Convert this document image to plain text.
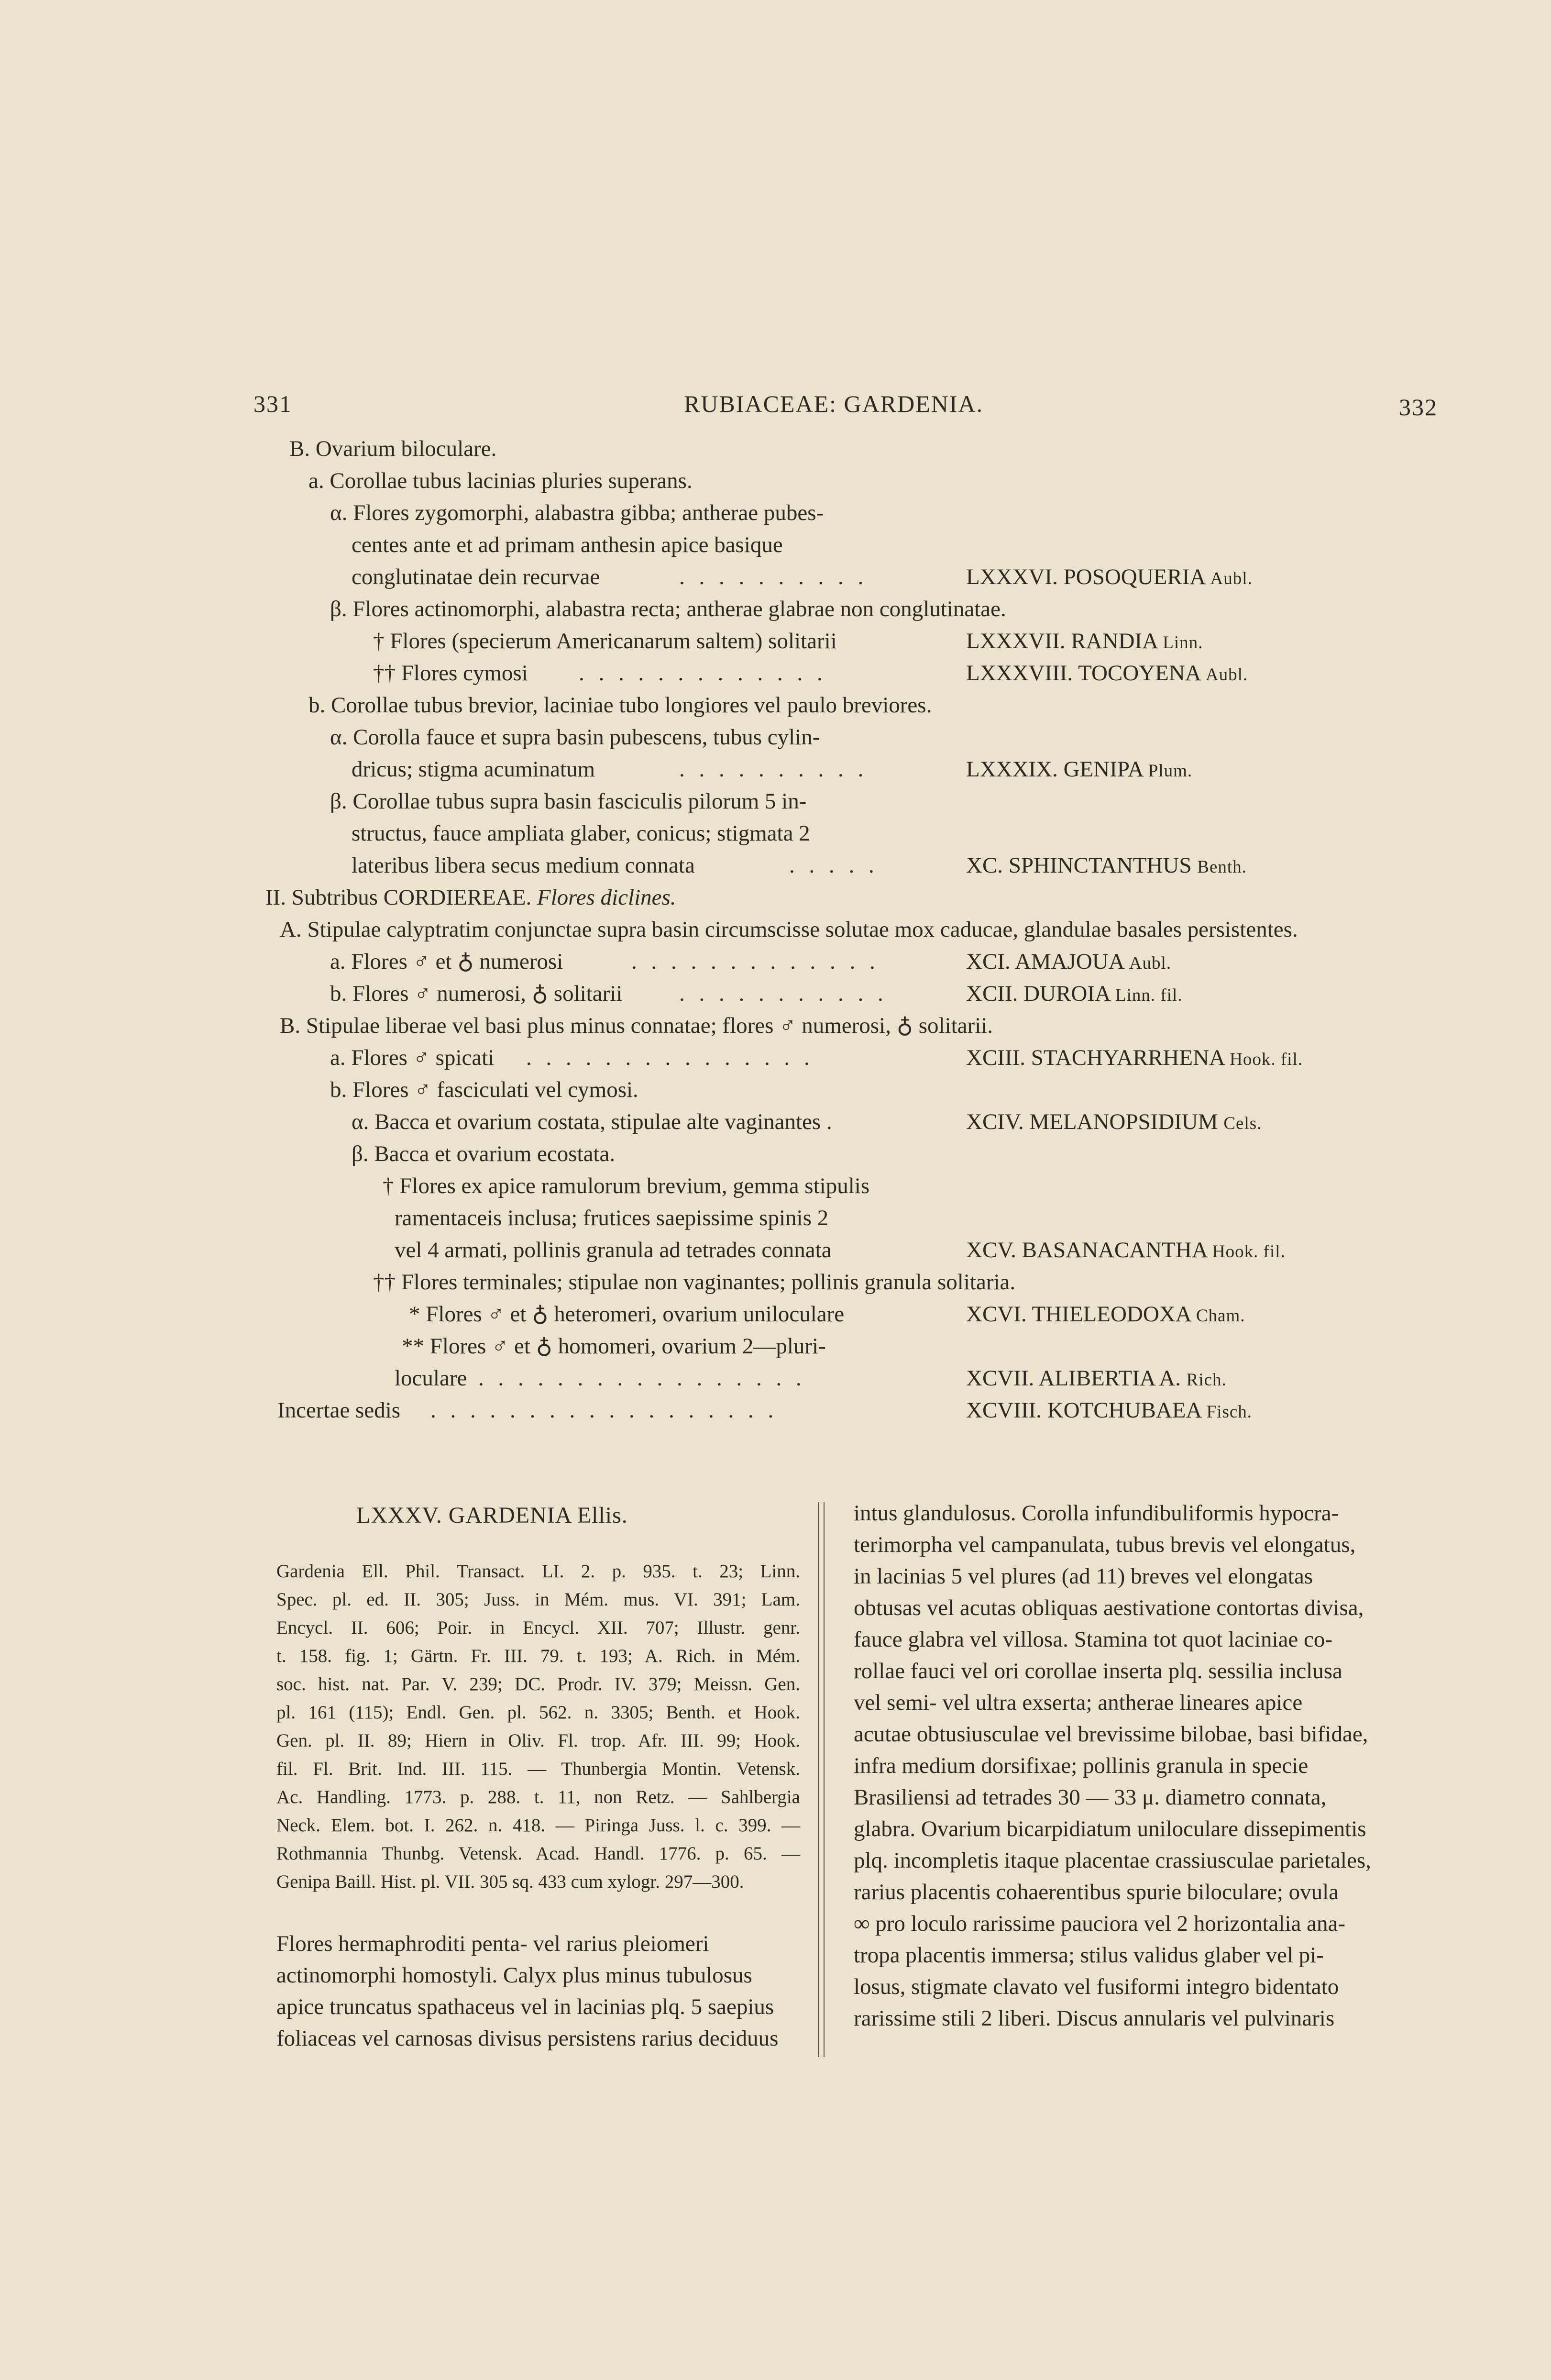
331	RUBIACEAE: GARDENIA.	332
B. Ovarium biloculare.
a. Corollae tubus lacinias pluries superans.
α. Flores zygomorphi, alabastra gibba; antherae pubes-
centes ante et ad primam anthesin apice basique
conglutinatae dein recurvae	. . . . . . . . . .	LXXXVI. POSOQUERIA Aubl.
β. Flores actinomorphi, alabastra recta; antherae glabrae non conglutinatae.
† Flores (specierum Americanarum saltem) solitarii	LXXXVII. RANDIA Linn.
†† Flores cymosi . . . . . . . . . . . . .	LXXXVIII. TOCOYENA Aubl.
b. Corollae tubus brevior, laciniae tubo longiores vel paulo breviores.
α. Corolla fauce et supra basin pubescens, tubus cylin-
dricus; stigma acuminatum	. . . . . . . . . .	LXXXIX. GENIPA Plum.
β. Corollae tubus supra basin fasciculis pilorum 5 in-
structus, fauce ampliata glaber, conicus; stigmata 2
lateribus libera secus medium connata	. . . . .	XC. SPHINCTANTHUS Benth.
II. Subtribus CORDIEREAE. Flores diclines.
A. Stipulae calyptratim conjunctae supra basin circumscisse solutae mox caducae, glandulae basales persistentes.
a. Flores ♂ et ♁ numerosi	. . . . . . . . . . . . .	XCI. AMAJOUA Aubl.
b. Flores ♂ numerosi, ♁ solitarii	. . . . . . . . . . .	XCII. DUROIA Linn. fil.
B. Stipulae liberae vel basi plus minus connatae; flores ♂ numerosi, ♁ solitarii.
a. Flores ♂ spicati . . . . . . . . . . . . . . .	XCIII. STACHYARRHENA Hook. fil.
b. Flores ♂ fasciculati vel cymosi.
α. Bacca et ovarium costata, stipulae alte vaginantes .	XCIV. MELANOPSIDIUM Cels.
β. Bacca et ovarium ecostata.
† Flores ex apice ramulorum brevium, gemma stipulis
ramentaceis inclusa; frutices saepissime spinis 2
vel 4 armati, pollinis granula ad tetrades connata	XCV. BASANACANTHA Hook. fil.
†† Flores terminales; stipulae non vaginantes; pollinis granula solitaria.
* Flores ♂ et ♁ heteromeri, ovarium uniloculare	XCVI. THIELEODOXA Cham.
** Flores ♂ et ♁ homomeri, ovarium 2—pluri-
loculare . . . . . . . . . . . . . . . . .	XCVII. ALIBERTIA A. Rich.
Incertae sedis . . . . . . . . . . . . . . . . . .	XCVIII. KOTCHUBAEA Fisch.
LXXXV. GARDENIA Ellis.
Gardenia Ell. Phil. Transact. LI. 2. p. 935. t. 23; Linn.
Spec. pl. ed. II. 305; Juss. in Mém. mus. VI. 391; Lam.
Encycl. II. 606; Poir. in Encycl. XII. 707; Illustr. genr.
t. 158. fig. 1; Gärtn. Fr. III. 79. t. 193; A. Rich. in Mém.
soc. hist. nat. Par. V. 239; DC. Prodr. IV. 379; Meissn. Gen.
pl. 161 (115); Endl. Gen. pl. 562. n. 3305; Benth. et Hook.
Gen. pl. II. 89; Hiern in Oliv. Fl. trop. Afr. III. 99; Hook.
fil. Fl. Brit. Ind. III. 115. — Thunbergia Montin. Vetensk.
Ac. Handling. 1773. p. 288. t. 11, non Retz. — Sahlbergia
Neck. Elem. bot. I. 262. n. 418. — Piringa Juss. l. c. 399. —
Rothmannia Thunbg. Vetensk. Acad. Handl. 1776. p. 65. —
Genipa Baill. Hist. pl. VII. 305 sq. 433 cum xylogr. 297—300.
Flores hermaphroditi penta- vel rarius pleiomeri
actinomorphi homostyli. Calyx plus minus tubulosus
apice truncatus spathaceus vel in lacinias plq. 5 saepius
foliaceas vel carnosas divisus persistens rarius deciduus
intus glandulosus. Corolla infundibuliformis hypocra-
terimorpha vel campanulata, tubus brevis vel elongatus,
in lacinias 5 vel plures (ad 11) breves vel elongatas
obtusas vel acutas obliquas aestivatione contortas divisa,
fauce glabra vel villosa. Stamina tot quot laciniae co-
rollae fauci vel ori corollae inserta plq. sessilia inclusa
vel semi- vel ultra exserta; antherae lineares apice
acutae obtusiusculae vel brevissime bilobae, basi bifidae,
infra medium dorsifixae; pollinis granula in specie
Brasiliensi ad tetrades 30 — 33 μ. diametro connata,
glabra. Ovarium bicarpidiatum uniloculare dissepimentis
plq. incompletis itaque placentae crassiusculae parietales,
rarius placentis cohaerentibus spurie biloculare; ovula
∞ pro loculo rarissime pauciora vel 2 horizontalia ana-
tropa placentis immersa; stilus validus glaber vel pi-
losus, stigmate clavato vel fusiformi integro bidentato
rarissime stili 2 liberi. Discus annularis vel pulvinaris
